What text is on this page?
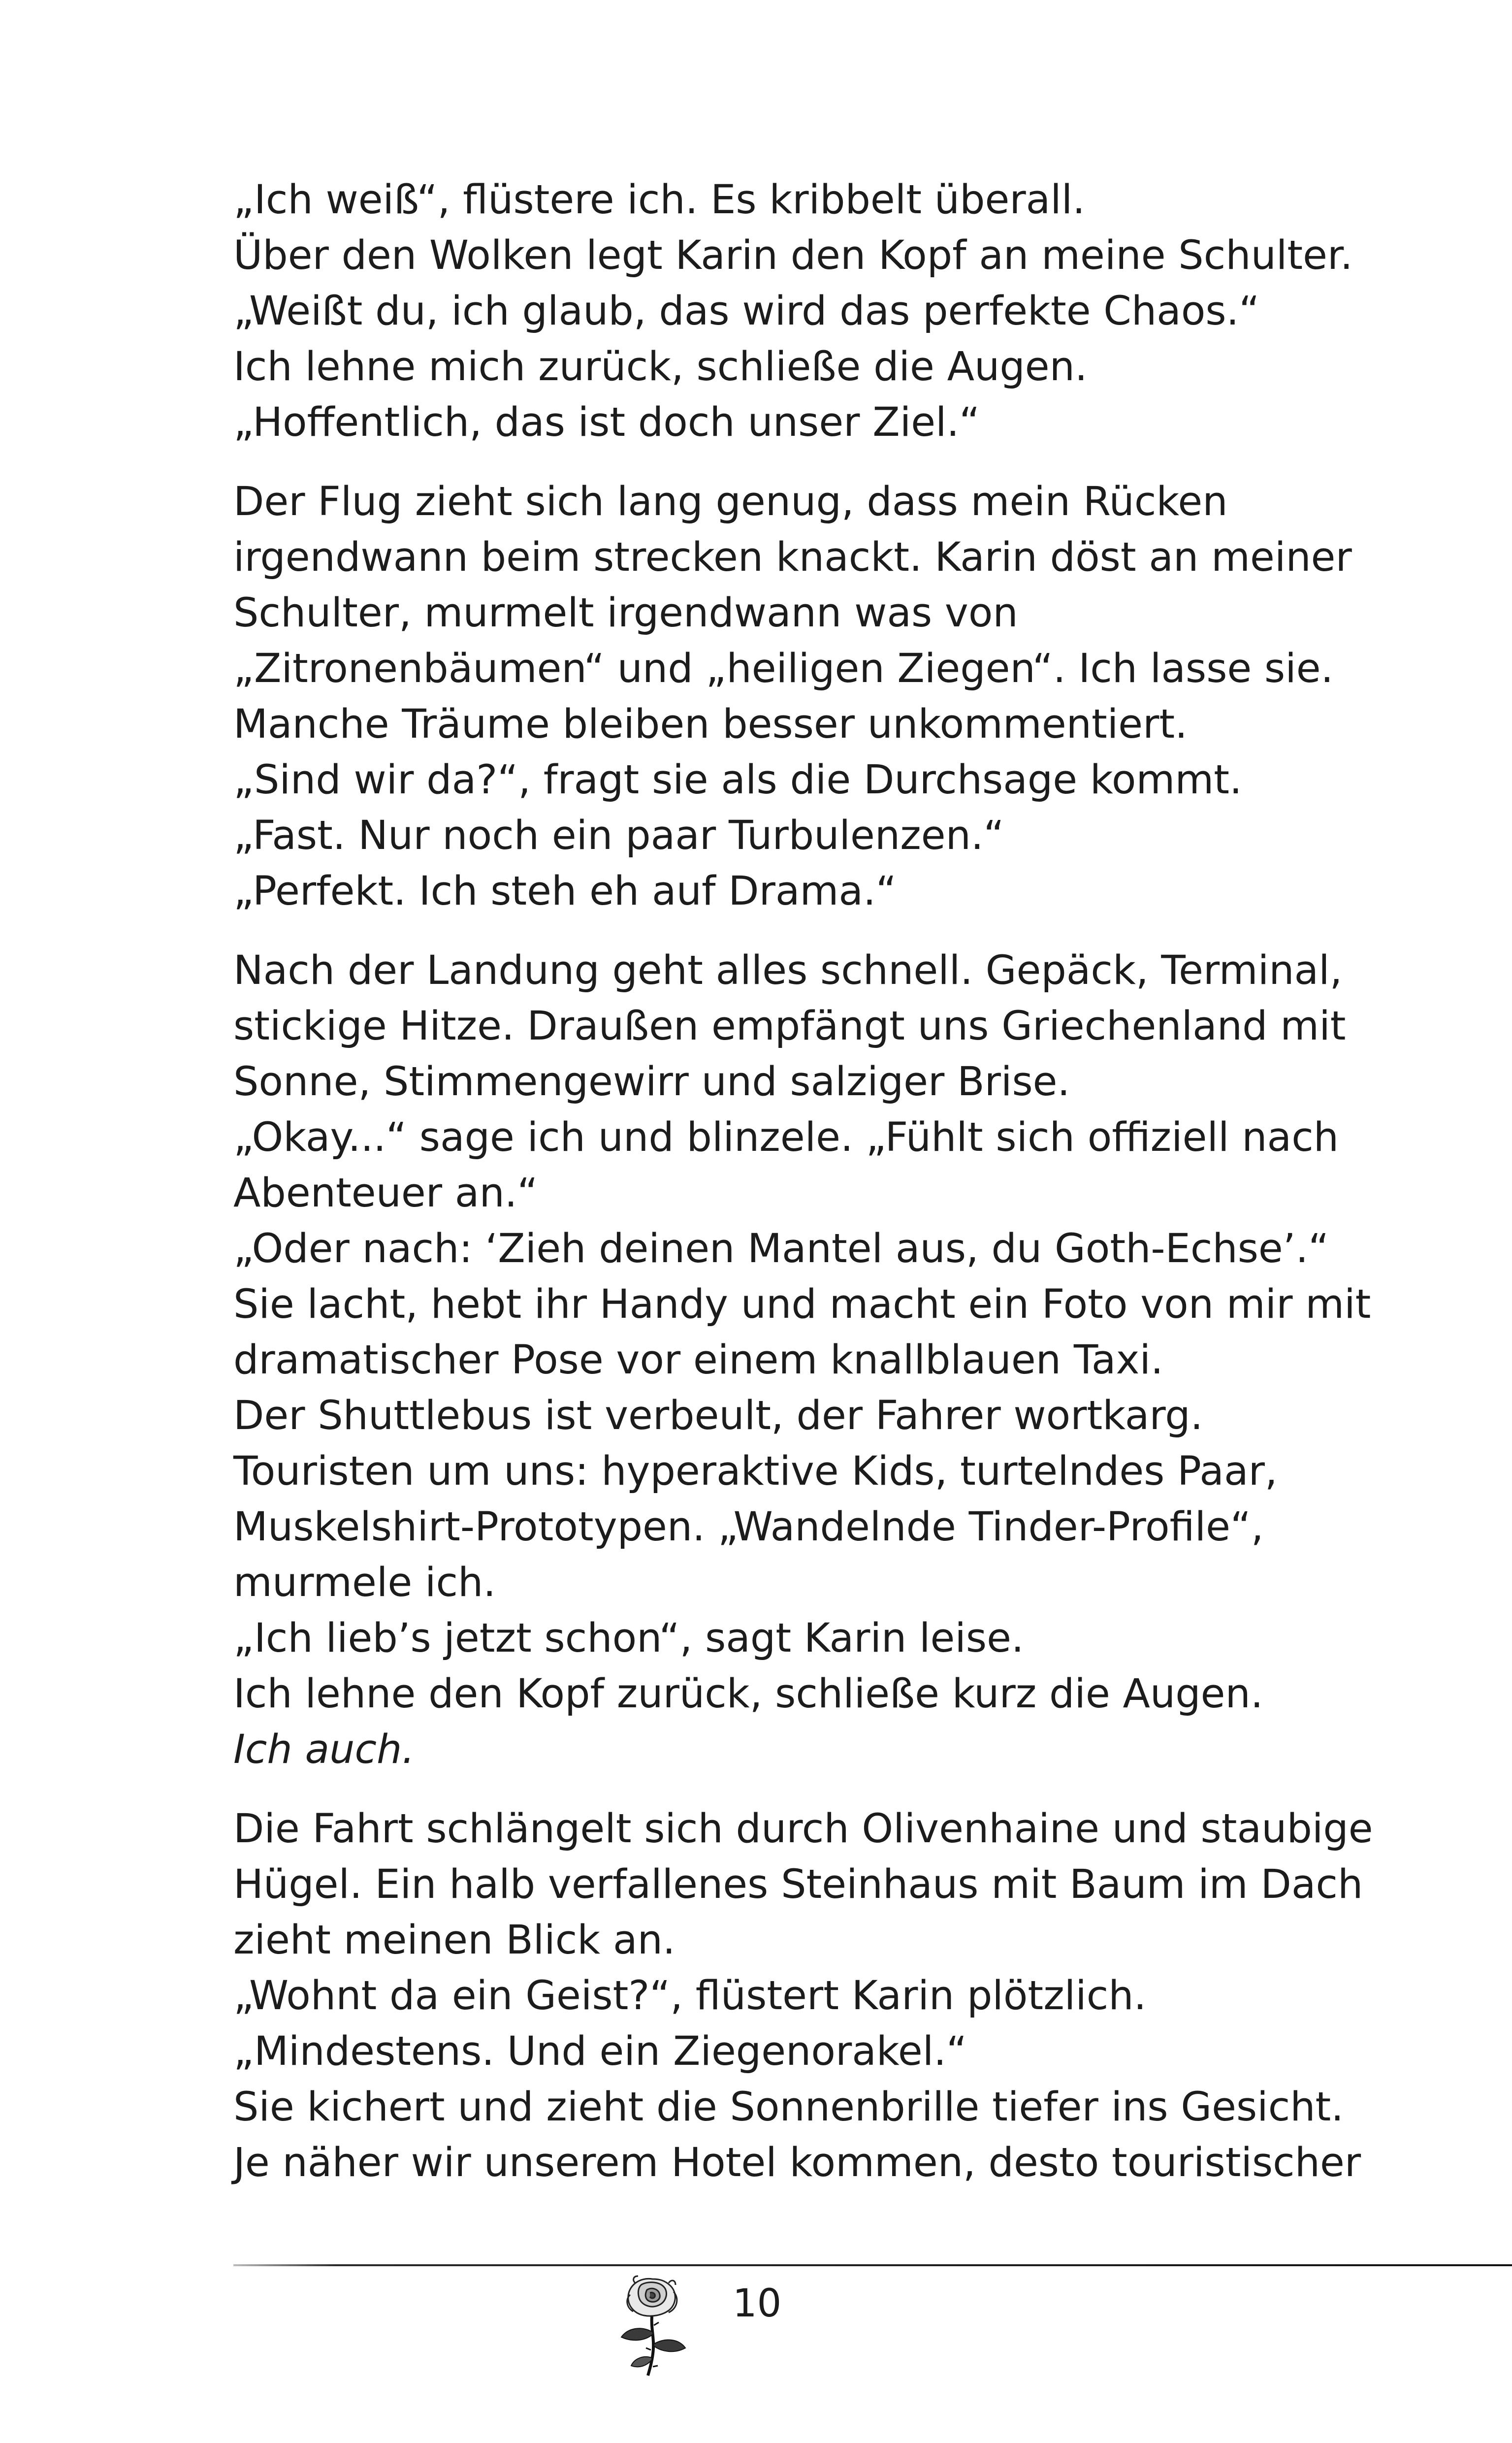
„Ich weiß“, flüstere ich. Es kribbelt überall.
Über den Wolken legt Karin den Kopf an meine Schulter.
„Weißt du, ich glaub, das wird das perfekte Chaos.“
Ich lehne mich zurück, schließe die Augen.
„Hoffentlich, das ist doch unser Ziel.“
Der Flug zieht sich lang genug, dass mein Rücken
irgendwann beim strecken knackt. Karin döst an meiner
Schulter, murmelt irgendwann was von
„Zitronenbäumen“ und „heiligen Ziegen“. Ich lasse sie.
Manche Träume bleiben besser unkommentiert.
„Sind wir da?“, fragt sie als die Durchsage kommt.
„Fast. Nur noch ein paar Turbulenzen.“
„Perfekt. Ich steh eh auf Drama.“
Nach der Landung geht alles schnell. Gepäck, Terminal,
stickige Hitze. Draußen empfängt uns Griechenland mit
Sonne, Stimmengewirr und salziger Brise.
„Okay...“ sage ich und blinzele. „Fühlt sich offiziell nach
Abenteuer an.“
„Oder nach: ‘Zieh deinen Mantel aus, du Goth-Echse’.“
Sie lacht, hebt ihr Handy und macht ein Foto von mir mit
dramatischer Pose vor einem knallblauen Taxi.
Der Shuttlebus ist verbeult, der Fahrer wortkarg.
Touristen um uns: hyperaktive Kids, turtelndes Paar,
Muskelshirt-Prototypen. „Wandelnde Tinder-Profile“,
murmele ich.
„Ich lieb’s jetzt schon“, sagt Karin leise.
Ich lehne den Kopf zurück, schließe kurz die Augen.
Ich auch.
Die Fahrt schlängelt sich durch Olivenhaine und staubige
Hügel. Ein halb verfallenes Steinhaus mit Baum im Dach
zieht meinen Blick an.
„Wohnt da ein Geist?“, flüstert Karin plötzlich.
„Mindestens. Und ein Ziegenorakel.“
Sie kichert und zieht die Sonnenbrille tiefer ins Gesicht.
Je näher wir unserem Hotel kommen, desto touristischer
10
